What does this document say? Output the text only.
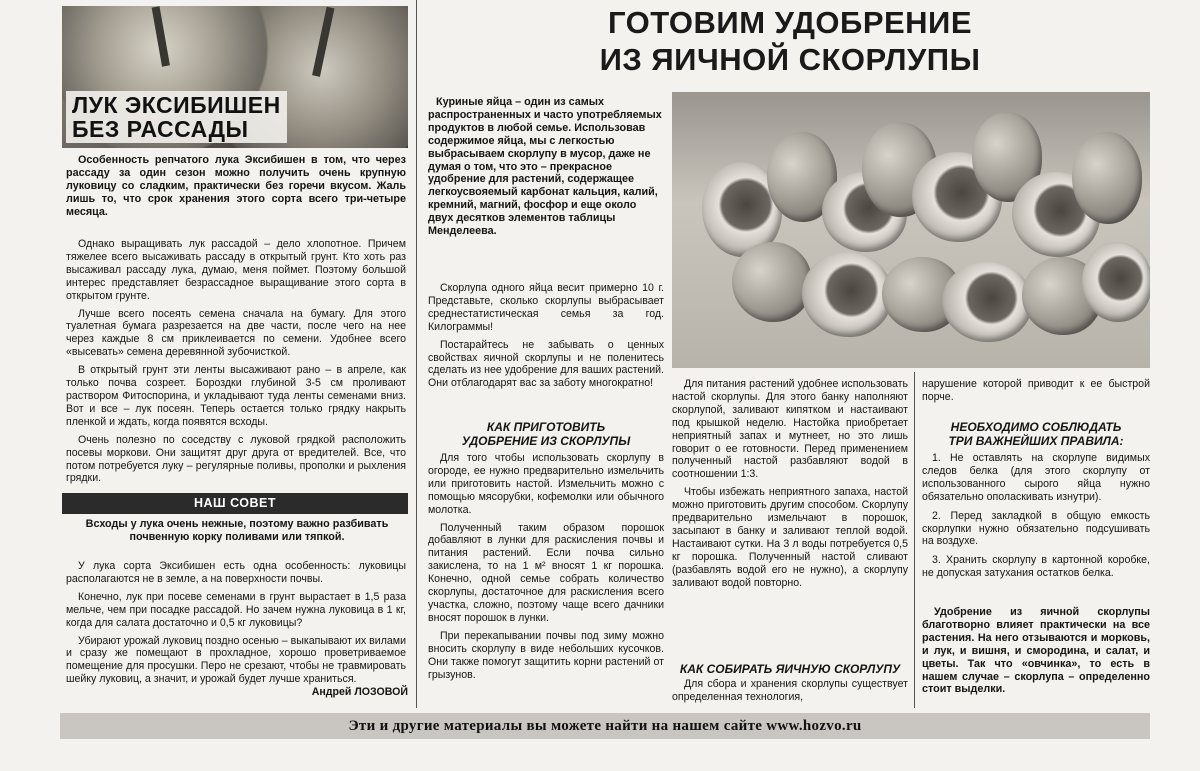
ЛУК ЭКСИБИШЕН
БЕЗ РАССАДЫ

Особенность репчатого лука Эксибишен в том, что через рассаду за один сезон можно получить очень крупную луковицу со сладким, практически без горечи вкусом. Жаль лишь то, что срок хранения этого сорта всего три-четыре месяца.

Однако выращивать лук рассадой – дело хлопотное. Причем тяжелее всего высаживать рассаду в открытый грунт. Кто хоть раз высаживал рассаду лука, думаю, меня поймет. Поэтому большой интерес представляет безрассадное выращивание этого сорта в открытом грунте.

Лучше всего посеять семена сначала на бумагу. Для этого туалетная бумага разрезается на две части, после чего на нее через каждые 8 см приклеивается по семени. Удобнее всего «высевать» семена деревянной зубочисткой.

В открытый грунт эти ленты высаживают рано – в апреле, как только почва созреет. Бороздки глубиной 3-5 см проливают раствором Фитоспорина, и укладывают туда ленты семенами вниз. Вот и все – лук посеян. Теперь остается только грядку накрыть пленкой и ждать, когда появятся всходы.

Очень полезно по соседству с луковой грядкой расположить посевы моркови. Они защитят друг друга от вредителей. Все, что потом потребуется луку – регулярные поливы, прополки и рыхления грядки.

НАШ СОВЕТ
Всходы у лука очень нежные, поэтому важно разбивать почвенную корку поливами или тяпкой.

У лука сорта Эксибишен есть одна особенность: луковицы располагаются не в земле, а на поверхности почвы.

Конечно, лук при посеве семенами в грунт вырастает в 1,5 раза мельче, чем при посадке рассадой. Но зачем нужна луковица в 1 кг, когда для салата достаточно и 0,5 кг луковицы?

Убирают урожай луковиц поздно осенью – выкапывают их вилами и сразу же помещают в прохладное, хорошо проветриваемое помещение для просушки. Перо не срезают, чтобы не травмировать шейку луковиц, а значит, и урожай будет лучше храниться.

Андрей ЛОЗОВОЙ
ГОТОВИМ УДОБРЕНИЕ
ИЗ ЯИЧНОЙ СКОРЛУПЫ

Куриные яйца – один из самых распространенных и часто употребляемых продуктов в любой семье. Использовав содержимое яйца, мы с легкостью выбрасываем скорлупу в мусор, даже не думая о том, что это – прекрасное удобрение для растений, содержащее легкоусвояемый карбонат кальция, калий, кремний, магний, фосфор и еще около двух десятков элементов таблицы Менделеева.

Скорлупа одного яйца весит примерно 10 г. Представьте, сколько скорлупы выбрасывает среднестатистическая семья за год. Килограммы!

Постарайтесь не забывать о ценных свойствах яичной скорлупы и не поленитесь сделать из нее удобрение для ваших растений. Они отблагодарят вас за заботу многократно!

КАК ПРИГОТОВИТЬ
УДОБРЕНИЕ ИЗ СКОРЛУПЫ

Для того чтобы использовать скорлупу в огороде, ее нужно предварительно измельчить или приготовить настой. Измельчить можно с помощью мясорубки, кофемолки или обычного молотка.

Полученный таким образом порошок добавляют в лунки для раскисления почвы и питания растений. Если почва сильно закислена, то на 1 м² вносят 1 кг порошка. Конечно, одной семье собрать количество скорлупы, достаточное для раскисления всего участка, сложно, поэтому чаще всего дачники вносят порошок в лунки.

При перекапывании почвы под зиму можно вносить скорлупу в виде небольших кусочков. Они также помогут защитить корни растений от грызунов.

Для питания растений удобнее использовать настой скорлупы. Для этого банку наполняют скорлупой, заливают кипятком и настаивают под крышкой неделю. Настойка приобретает неприятный запах и мутнеет, но это лишь говорит о ее готовности. Перед применением полученный настой разбавляют водой в соотношении 1:3.

Чтобы избежать неприятного запаха, настой можно приготовить другим способом. Скорлупу предварительно измельчают в порошок, засыпают в банку и заливают теплой водой. Настаивают сутки. На 3 л воды потребуется 0,5 кг порошка. Полученный настой сливают (разбавлять водой его не нужно), а скорлупу заливают водой повторно.

КАК СОБИРАТЬ ЯИЧНУЮ СКОРЛУПУ

Для сбора и хранения скорлупы существует определенная технология,

нарушение которой приводит к ее быстрой порче.

НЕОБХОДИМО СОБЛЮДАТЬ
ТРИ ВАЖНЕЙШИХ ПРАВИЛА:
1. Не оставлять на скорлупе видимых следов белка (для этого скорлупу от использованного сырого яйца нужно обязательно ополаскивать изнутри).
2. Перед закладкой в общую емкость скорлупки нужно обязательно подсушивать на воздухе.
3. Хранить скорлупу в картонной коробке, не допуская затухания остатков белка.

Удобрение из яичной скорлупы благотворно влияет практически на все растения. На него отзываются и морковь, и лук, и вишня, и смородина, и салат, и цветы. Так что «овчинка», то есть в нашем случае – скорлупа – определенно стоит выделки.

Эти и другие материалы вы можете найти на нашем сайте www.hozvo.ru
